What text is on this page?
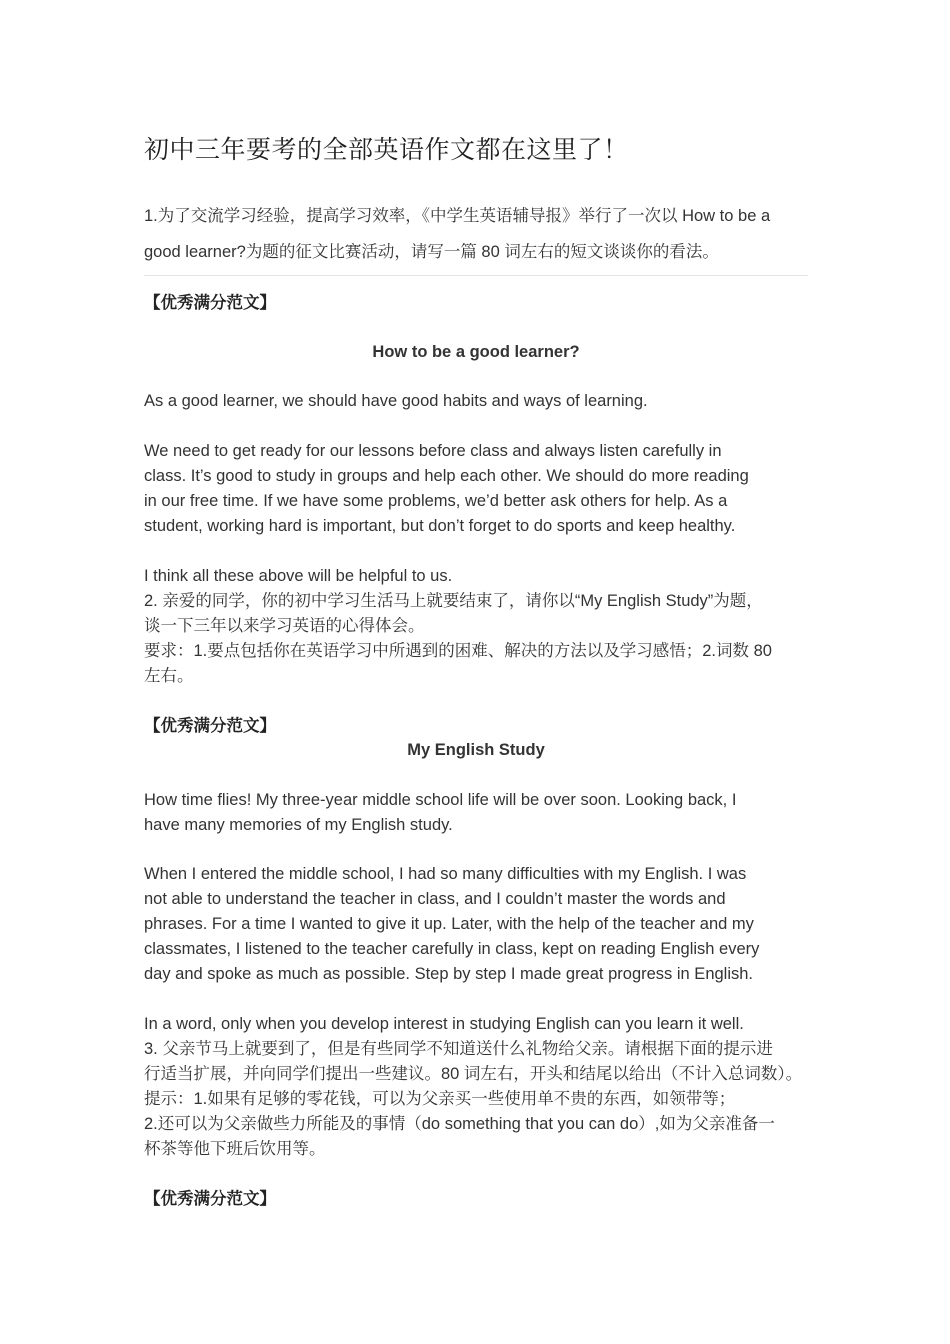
初中三年要考的全部英语作文都在这里了！
1.为了交流学习经验，提高学习效率，《中学生英语辅导报》举行了一次以 How to be a
good learner?为题的征文比赛活动，请写一篇 80 词左右的短文谈谈你的看法。
【优秀满分范文】
How to be a good learner?
As a good learner, we should have good habits and ways of learning.
We need to get ready for our lessons before class and always listen carefully in
class. It’s good to study in groups and help each other. We should do more reading
in our free time. If we have some problems, we’d better ask others for help. As a
student, working hard is important, but don’t forget to do sports and keep healthy.
I think all these above will be helpful to us.
2. 亲爱的同学，你的初中学习生活马上就要结束了，请你以“My English Study”为题，
谈一下三年以来学习英语的心得体会。
要求：1.要点包括你在英语学习中所遇到的困难、解决的方法以及学习感悟；2.词数 80
左右。
【优秀满分范文】
My English Study
How time flies! My three-year middle school life will be over soon. Looking back, I
have many memories of my English study.
When I entered the middle school, I had so many difficulties with my English. I was
not able to understand the teacher in class, and I couldn’t master the words and
phrases. For a time I wanted to give it up. Later, with the help of the teacher and my
classmates, I listened to the teacher carefully in class, kept on reading English every
day and spoke as much as possible. Step by step I made great progress in English.
In a word, only when you develop interest in studying English can you learn it well.
3. 父亲节马上就要到了，但是有些同学不知道送什么礼物给父亲。请根据下面的提示进
行适当扩展，并向同学们提出一些建议。80 词左右，开头和结尾以给出（不计入总词数）。
提示：1.如果有足够的零花钱，可以为父亲买一些使用单不贵的东西，如领带等；
2.还可以为父亲做些力所能及的事情（do something that you can do）,如为父亲准备一
杯茶等他下班后饮用等。
【优秀满分范文】
